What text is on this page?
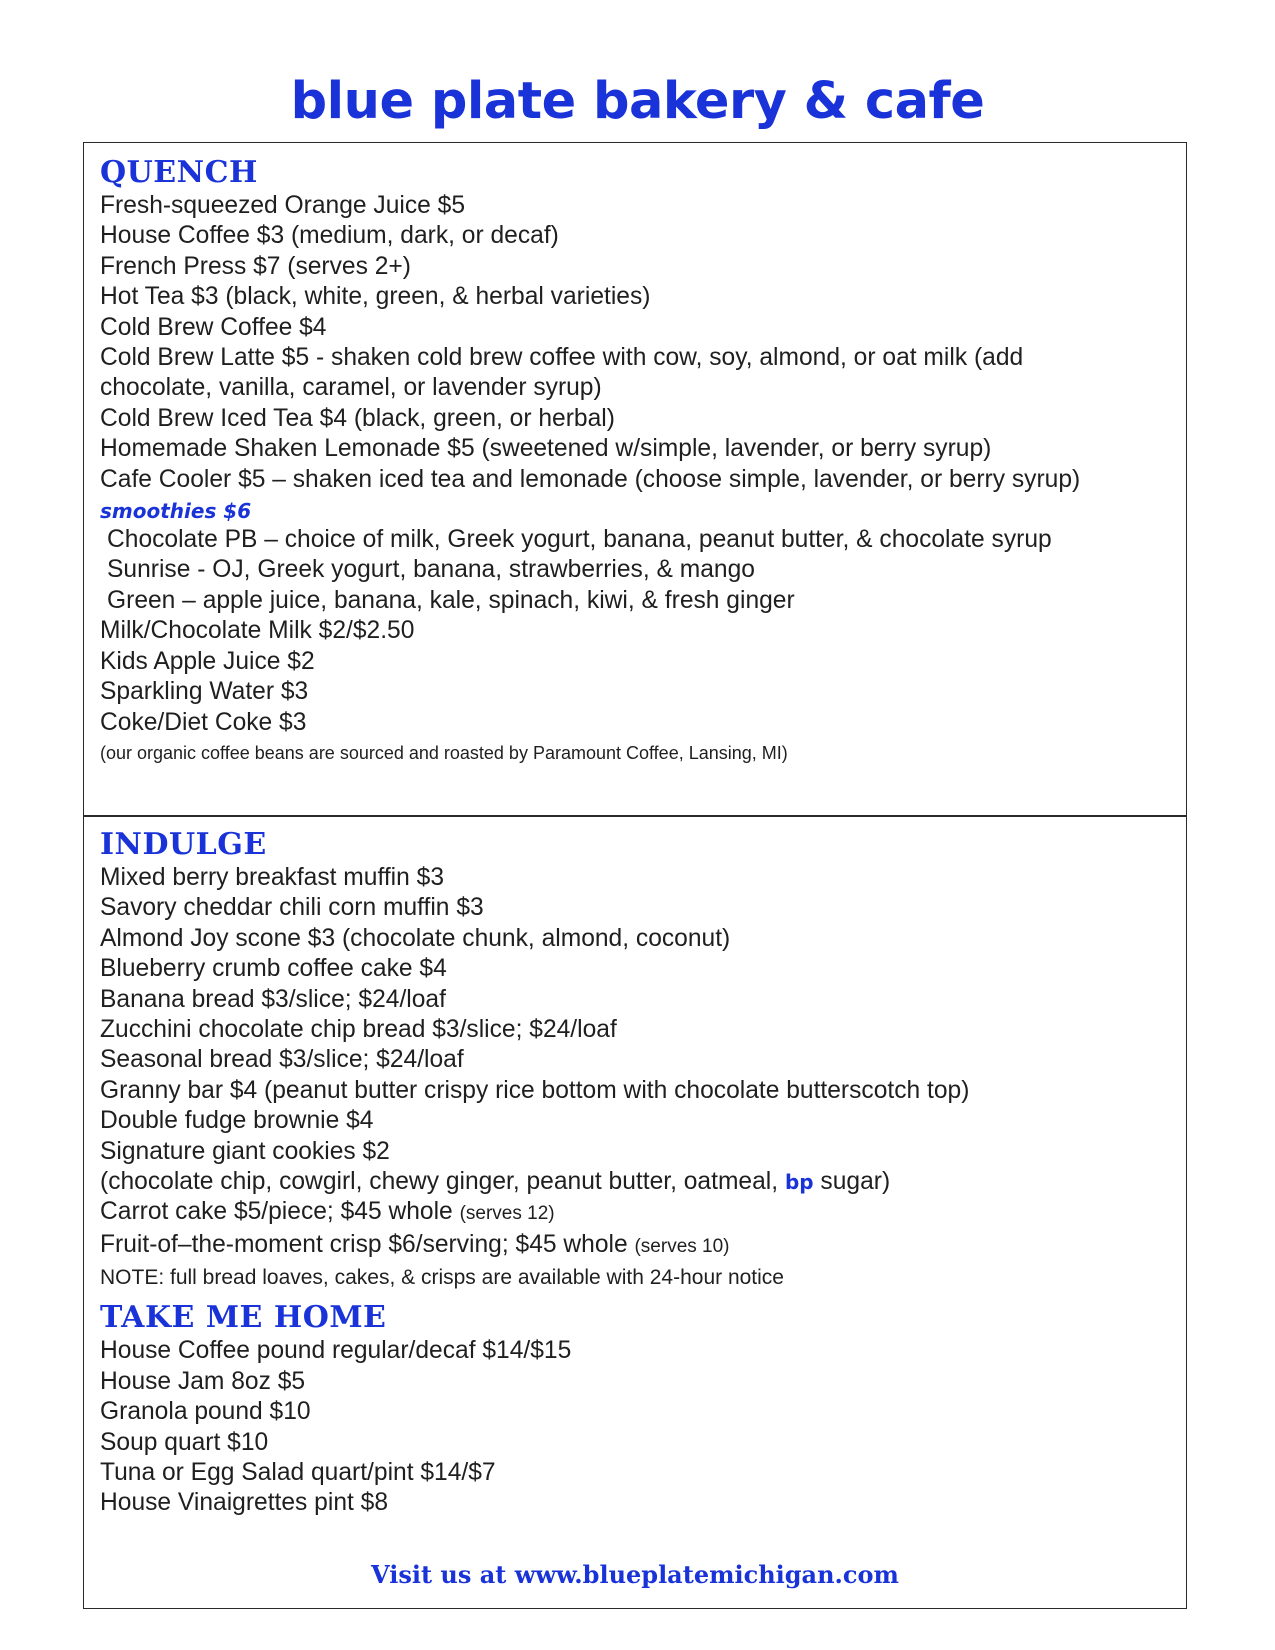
blue plate bakery & cafe
QUENCH
Fresh-squeezed Orange Juice $5
House Coffee $3 (medium, dark, or decaf)
French Press $7 (serves 2+)
Hot Tea $3 (black, white, green, & herbal varieties)
Cold Brew Coffee $4
Cold Brew Latte $5 - shaken cold brew coffee with cow, soy, almond, or oat milk (add chocolate, vanilla, caramel, or lavender syrup)
Cold Brew Iced Tea $4 (black, green, or herbal)
Homemade Shaken Lemonade $5 (sweetened w/simple, lavender, or berry syrup)
Cafe Cooler $5 – shaken iced tea and lemonade (choose simple, lavender, or berry syrup)
smoothies $6
Chocolate PB – choice of milk, Greek yogurt, banana, peanut butter, & chocolate syrup
Sunrise - OJ, Greek yogurt, banana, strawberries, & mango
Green – apple juice, banana, kale, spinach, kiwi, & fresh ginger
Milk/Chocolate Milk $2/$2.50
Kids Apple Juice $2
Sparkling Water $3
Coke/Diet Coke $3
(our organic coffee beans are sourced and roasted by Paramount Coffee, Lansing, MI)
INDULGE
Mixed berry breakfast muffin $3
Savory cheddar chili corn muffin $3
Almond Joy scone $3 (chocolate chunk, almond, coconut)
Blueberry crumb coffee cake $4
Banana bread $3/slice; $24/loaf
Zucchini chocolate chip bread $3/slice; $24/loaf
Seasonal bread $3/slice; $24/loaf
Granny bar $4 (peanut butter crispy rice bottom with chocolate butterscotch top)
Double fudge brownie $4
Signature giant cookies $2
(chocolate chip, cowgirl, chewy ginger, peanut butter, oatmeal, bp sugar)
Carrot cake $5/piece; $45 whole (serves 12)
Fruit-of–the-moment crisp $6/serving; $45 whole (serves 10)
NOTE: full bread loaves, cakes, & crisps are available with 24-hour notice
TAKE ME HOME
House Coffee pound regular/decaf $14/$15
House Jam 8oz $5
Granola pound $10
Soup quart $10
Tuna or Egg Salad quart/pint $14/$7
House Vinaigrettes pint $8
Visit us at www.blueplatemichigan.com
